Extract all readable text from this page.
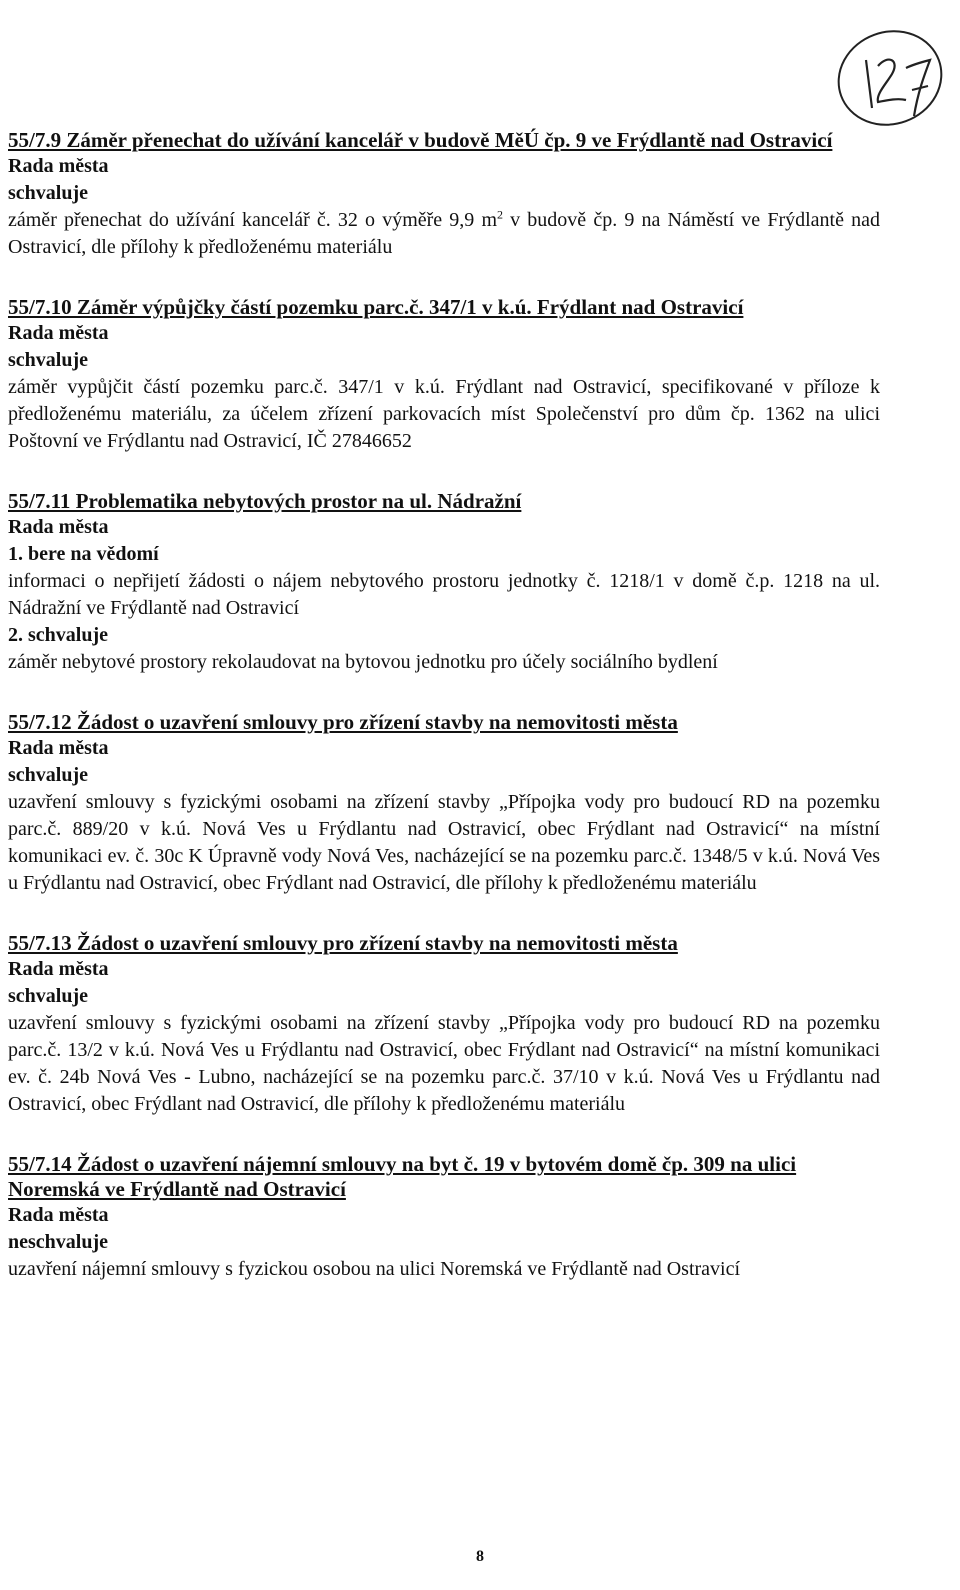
55/7.9 Záměr přenechat do užívání kancelář v budově MěÚ čp. 9 ve Frýdlantě nad Ostravicí

Rada města

schvaluje

záměr přenechat do užívání kancelář č. 32 o výměře 9,9 $m^2$ v budově čp. 9 na Náměstí ve Frýdlantě nad Ostravicí, dle přílohy k předloženému materiálu

55/7.10 Záměr výpůjčky částí pozemku parc.č. 347/1 v k.ú. Frýdlant nad Ostravicí

Rada města

schvaluje

záměr vypůjčit částí pozemku parc.č. 347/1 v k.ú. Frýdlant nad Ostravicí, specifikované v příloze k předloženému materiálu, za účelem zřízení parkovacích míst Společenství pro dům čp. 1362 na ulici Poštovní ve Frýdlantu nad Ostravicí, IČ 27846652

55/7.11 Problematika nebytových prostor na ul. Nádražní

Rada města

1. bere na vědomí

informaci o nepřijetí žádosti o nájem nebytového prostoru jednotky č. 1218/1 v domě č.p. 1218 na ul. Nádražní ve Frýdlantě nad Ostravicí

2. schvaluje

záměr nebytové prostory rekolaudovat na bytovou jednotku pro účely sociálního bydlení

55/7.12 Žádost o uzavření smlouvy pro zřízení stavby na nemovitosti města

Rada města

schvaluje

uzavření smlouvy s fyzickými osobami na zřízení stavby „Přípojka vody pro budoucí RD na pozemku parc.č. 889/20 v k.ú. Nová Ves u Frýdlantu nad Ostravicí, obec Frýdlant nad Ostravicí“ na místní komunikaci ev. č. 30c K Úpravně vody Nová Ves, nacházející se na pozemku parc.č. 1348/5 v k.ú. Nová Ves u Frýdlantu nad Ostravicí, obec Frýdlant nad Ostravicí, dle přílohy k předloženému materiálu

55/7.13 Žádost o uzavření smlouvy pro zřízení stavby na nemovitosti města

Rada města

schvaluje

uzavření smlouvy s fyzickými osobami na zřízení stavby „Přípojka vody pro budoucí RD na pozemku parc.č. 13/2 v k.ú. Nová Ves u Frýdlantu nad Ostravicí, obec Frýdlant nad Ostravicí“ na místní komunikaci ev. č. 24b Nová Ves - Lubno, nacházející se na pozemku parc.č. 37/10 v k.ú. Nová Ves u Frýdlantu nad Ostravicí, obec Frýdlant nad Ostravicí, dle přílohy k předloženému materiálu

55/7.14 Žádost o uzavření nájemní smlouvy na byt č. 19 v bytovém domě čp. 309 na ulici Noremská ve Frýdlantě nad Ostravicí

Rada města

neschvaluje

uzavření nájemní smlouvy s fyzickou osobou na ulici Noremská ve Frýdlantě nad Ostravicí

8
